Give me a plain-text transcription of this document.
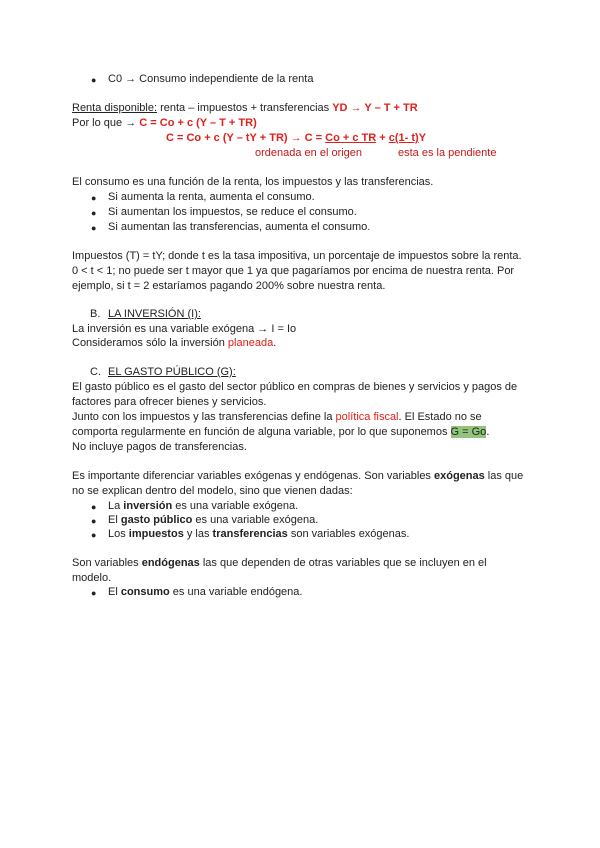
● C0 → Consumo independiente de la renta
Renta disponible: renta – impuestos + transferencias YD → Y – T + TR
Por lo que → C = Co + c (Y – T + TR)
C = Co + c (Y – tY + TR) → C = Co + c TR + c(1- t)Y
ordenada en el origen	esta es la pendiente
El consumo es una función de la renta, los impuestos y las transferencias.
● Si aumenta la renta, aumenta el consumo.
● Si aumentan los impuestos, se reduce el consumo.
● Si aumentan las transferencias, aumenta el consumo.
Impuestos (T) = tY; donde t es la tasa impositiva, un porcentaje de impuestos sobre la renta.
0 < t < 1; no puede ser t mayor que 1 ya que pagaríamos por encima de nuestra renta. Por
ejemplo, si t = 2 estaríamos pagando 200% sobre nuestra renta.
B. LA INVERSIÓN (I):
La inversión es una variable exógena → I = Io
Consideramos sólo la inversión planeada.
C. EL GASTO PÚBLICO (G):
El gasto público es el gasto del sector público en compras de bienes y servicios y pagos de
factores para ofrecer bienes y servicios.
Junto con los impuestos y las transferencias define la política fiscal. El Estado no se
comporta regularmente en función de alguna variable, por lo que suponemos G = Go.
No incluye pagos de transferencias.
Es importante diferenciar variables exógenas y endógenas. Son variables exógenas las que
no se explican dentro del modelo, sino que vienen dadas:
● La inversión es una variable exógena.
● El gasto público es una variable exógena.
● Los impuestos y las transferencias son variables exógenas.
Son variables endógenas las que dependen de otras variables que se incluyen en el
modelo.
● El consumo es una variable endógena.
